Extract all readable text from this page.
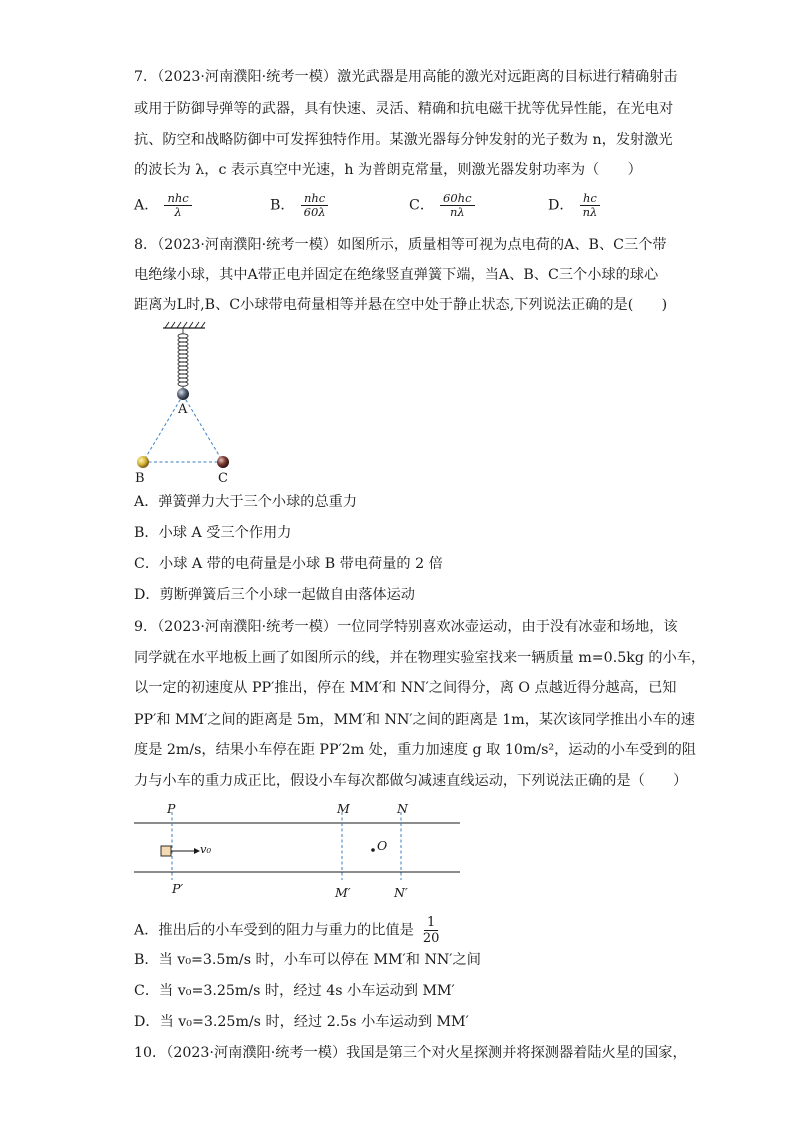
7．（2023·河南濮阳·统考一模）激光武器是用高能的激光对远距离的目标进行精确射击
或用于防御导弹等的武器，具有快速、灵活、精确和抗电磁干扰等优异性能，在光电对
抗、防空和战略防御中可发挥独特作用。某激光器每分钟发射的光子数为 n，发射激光
的波长为 λ，c 表示真空中光速，h 为普朗克常量，则激光器发射功率为（　　）
A． $\frac{\text{nhc}}{\lambda}$	B． $\frac{\text{nhc}}{60\lambda}$	C． $\frac{60hc}{n\lambda}$	D． $\frac{hc}{n\lambda}$
8．（2023·河南濮阳·统考一模）如图所示，质量相等可视为点电荷的A、B、C三个带
电绝缘小球，其中A带正电并固定在绝缘竖直弹簧下端，当A、B、C三个小球的球心
距离为L时,B、C小球带电荷量相等并悬在空中处于静止状态,下列说法正确的是(　　)
A
B	C
A．弹簧弹力大于三个小球的总重力
B．小球 A 受三个作用力
C．小球 A 带的电荷量是小球 B 带电荷量的 2 倍
D．剪断弹簧后三个小球一起做自由落体运动
9．（2023·河南濮阳·统考一模）一位同学特别喜欢冰壶运动，由于没有冰壶和场地，该
同学就在水平地板上画了如图所示的线，并在物理实验室找来一辆质量 m=0.5kg 的小车，
以一定的初速度从 PP′推出，停在 MM′和 NN′之间得分，离 O 点越近得分越高，已知
PP′和 MM′之间的距离是 5m，MM′和 NN′之间的距离是 1m，某次该同学推出小车的速
度是 2m/s，结果小车停在距 PP′2m 处，重力加速度 g 取 10m/s²，运动的小车受到的阻
力与小车的重力成正比，假设小车每次都做匀减速直线运动，下列说法正确的是（　　）
P
P′
M
M′
N
N′
v₀	O
A．推出后的小车受到的阻力与重力的比值是 $\frac{1}{20}$
B．当 v₀=3.5m/s 时，小车可以停在 MM′和 NN′之间
C．当 v₀=3.25m/s 时，经过 4s 小车运动到 MM′
D．当 v₀=3.25m/s 时，经过 2.5s 小车运动到 MM′
10．（2023·河南濮阳·统考一模）我国是第三个对火星探测并将探测器着陆火星的国家，
